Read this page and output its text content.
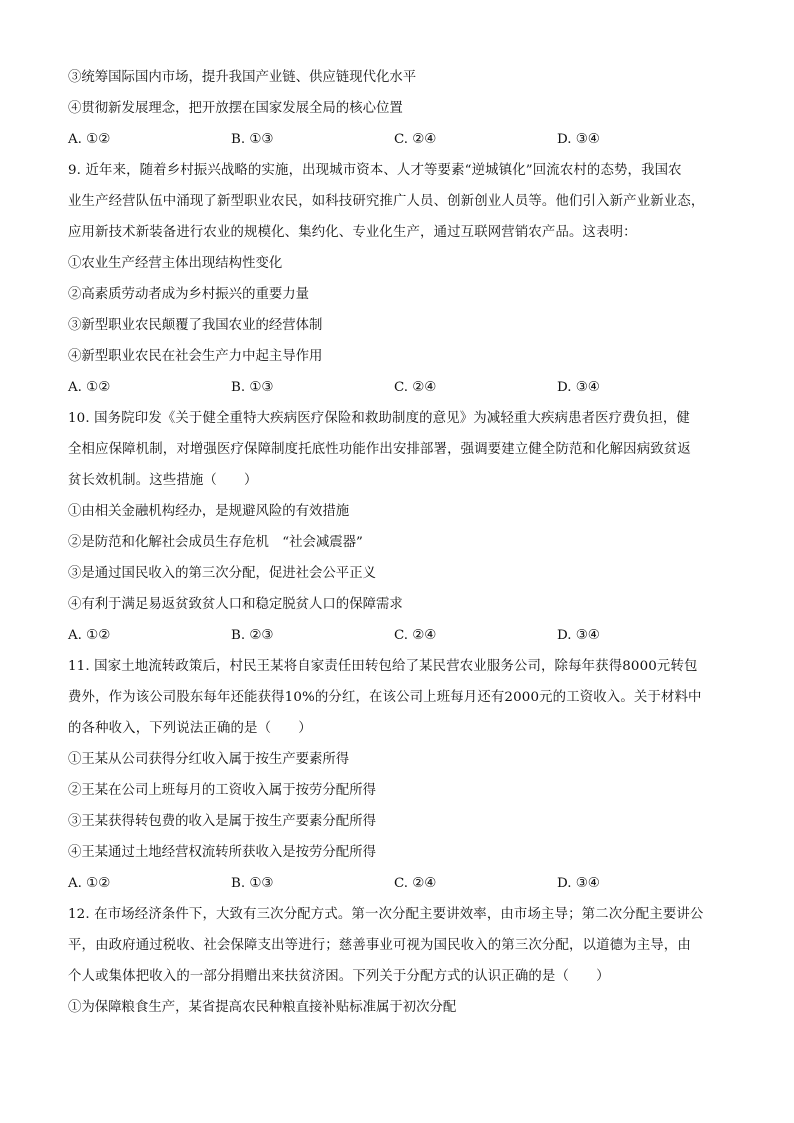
③统筹国际国内市场，提升我国产业链、供应链现代化水平
④贯彻新发展理念，把开放摆在国家发展全局的核心位置
A. ①②	B. ①③	C. ②④	D. ③④
9. 近年来，随着乡村振兴战略的实施，出现城市资本、人才等要素“逆城镇化”回流农村的态势，我国农
业生产经营队伍中涌现了新型职业农民，如科技研究推广人员、创新创业人员等。他们引入新产业新业态，
应用新技术新装备进行农业的规模化、集约化、专业化生产，通过互联网营销农产品。这表明：
①农业生产经营主体出现结构性变化
②高素质劳动者成为乡村振兴的重要力量
③新型职业农民颠覆了我国农业的经营体制
④新型职业农民在社会生产力中起主导作用
A. ①②	B. ①③	C. ②④	D. ③④
10. 国务院印发《关于健全重特大疾病医疗保险和救助制度的意见》为减轻重大疾病患者医疗费负担，健
全相应保障机制，对增强医疗保障制度托底性功能作出安排部署，强调要建立健全防范和化解因病致贫返
贫长效机制。这些措施（　　）
①由相关金融机构经办，是规避风险的有效措施
②是防范和化解社会成员生存危机　“社会减震器”
③是通过国民收入的第三次分配，促进社会公平正义
④有利于满足易返贫致贫人口和稳定脱贫人口的保障需求
A. ①②	B. ②③	C. ②④	D. ③④
11. 国家土地流转政策后，村民王某将自家责任田转包给了某民营农业服务公司，除每年获得8000元转包
费外，作为该公司股东每年还能获得10%的分红，在该公司上班每月还有2000元的工资收入。关于材料中
的各种收入，下列说法正确的是（　　）
①王某从公司获得分红收入属于按生产要素所得
②王某在公司上班每月的工资收入属于按劳分配所得
③王某获得转包费的收入是属于按生产要素分配所得
④王某通过土地经营权流转所获收入是按劳分配所得
A. ①②	B. ①③	C. ②④	D. ③④
12. 在市场经济条件下，大致有三次分配方式。第一次分配主要讲效率，由市场主导；第二次分配主要讲公
平，由政府通过税收、社会保障支出等进行；慈善事业可视为国民收入的第三次分配，以道德为主导，由
个人或集体把收入的一部分捐赠出来扶贫济困。下列关于分配方式的认识正确的是（　　）
①为保障粮食生产，某省提高农民种粮直接补贴标准属于初次分配
